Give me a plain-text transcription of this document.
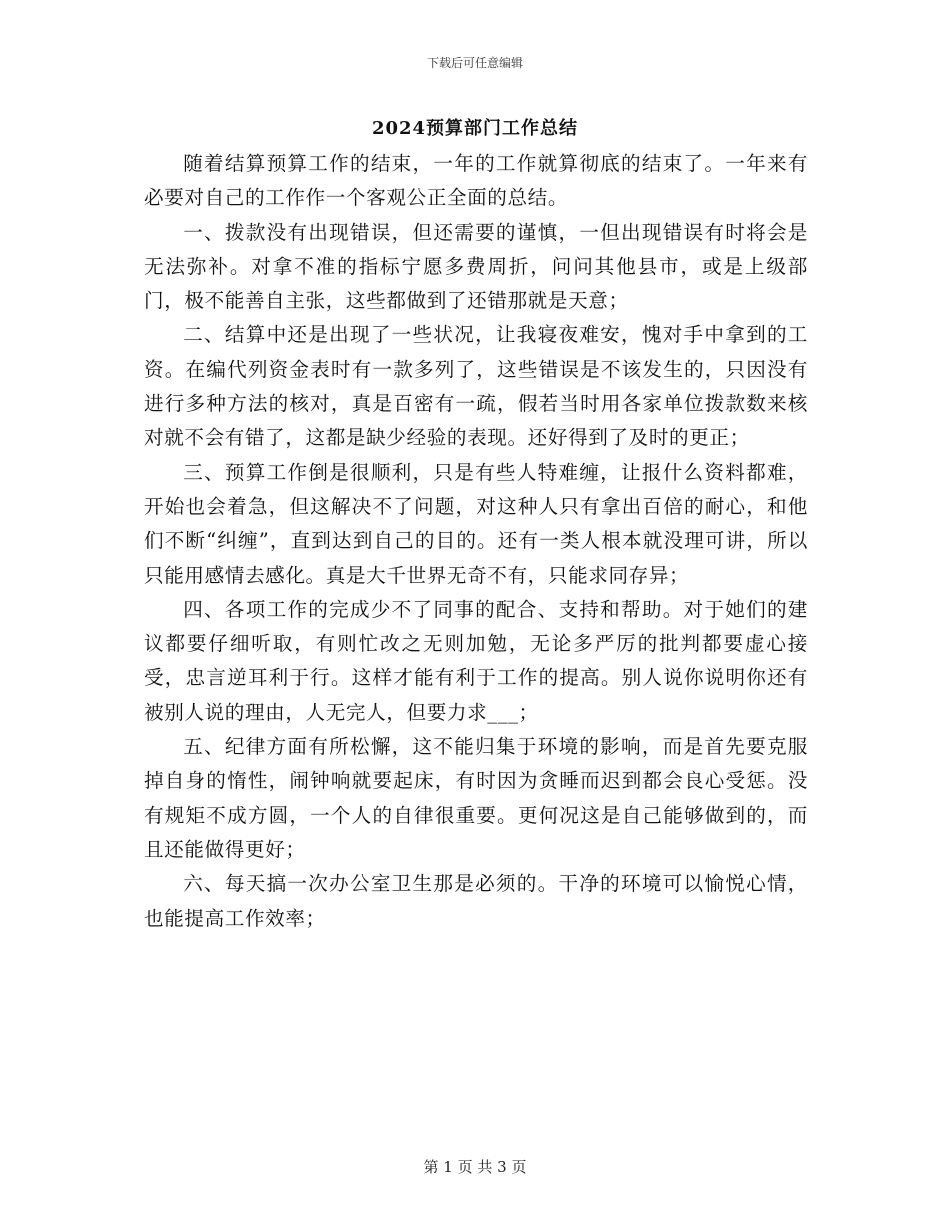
下载后可任意编辑
2024预算部门工作总结

随着结算预算工作的结束，一年的工作就算彻底的结束了。一年来有必要对自己的工作作一个客观公正全面的总结。

一、拨款没有出现错误，但还需要的谨慎，一但出现错误有时将会是无法弥补。对拿不准的指标宁愿多费周折，问问其他县市，或是上级部门，极不能善自主张，这些都做到了还错那就是天意；

二、结算中还是出现了一些状况，让我寝夜难安，愧对手中拿到的工资。在编代列资金表时有一款多列了，这些错误是不该发生的，只因没有进行多种方法的核对，真是百密有一疏，假若当时用各家单位拨款数来核对就不会有错了，这都是缺少经验的表现。还好得到了及时的更正；

三、预算工作倒是很顺利，只是有些人特难缠，让报什么资料都难，开始也会着急，但这解决不了问题，对这种人只有拿出百倍的耐心，和他们不断“纠缠”，直到达到自己的目的。还有一类人根本就没理可讲，所以只能用感情去感化。真是大千世界无奇不有，只能求同存异；

四、各项工作的完成少不了同事的配合、支持和帮助。对于她们的建议都要仔细听取，有则忙改之无则加勉，无论多严厉的批判都要虚心接受，忠言逆耳利于行。这样才能有利于工作的提高。别人说你说明你还有被别人说的理由，人无完人，但要力求___；

五、纪律方面有所松懈，这不能归集于环境的影响，而是首先要克服掉自身的惰性，闹钟响就要起床，有时因为贪睡而迟到都会良心受惩。没有规矩不成方圆，一个人的自律很重要。更何况这是自己能够做到的，而且还能做得更好；

六、每天搞一次办公室卫生那是必须的。干净的环境可以愉悦心情，也能提高工作效率；

第 1 页 共 3 页
